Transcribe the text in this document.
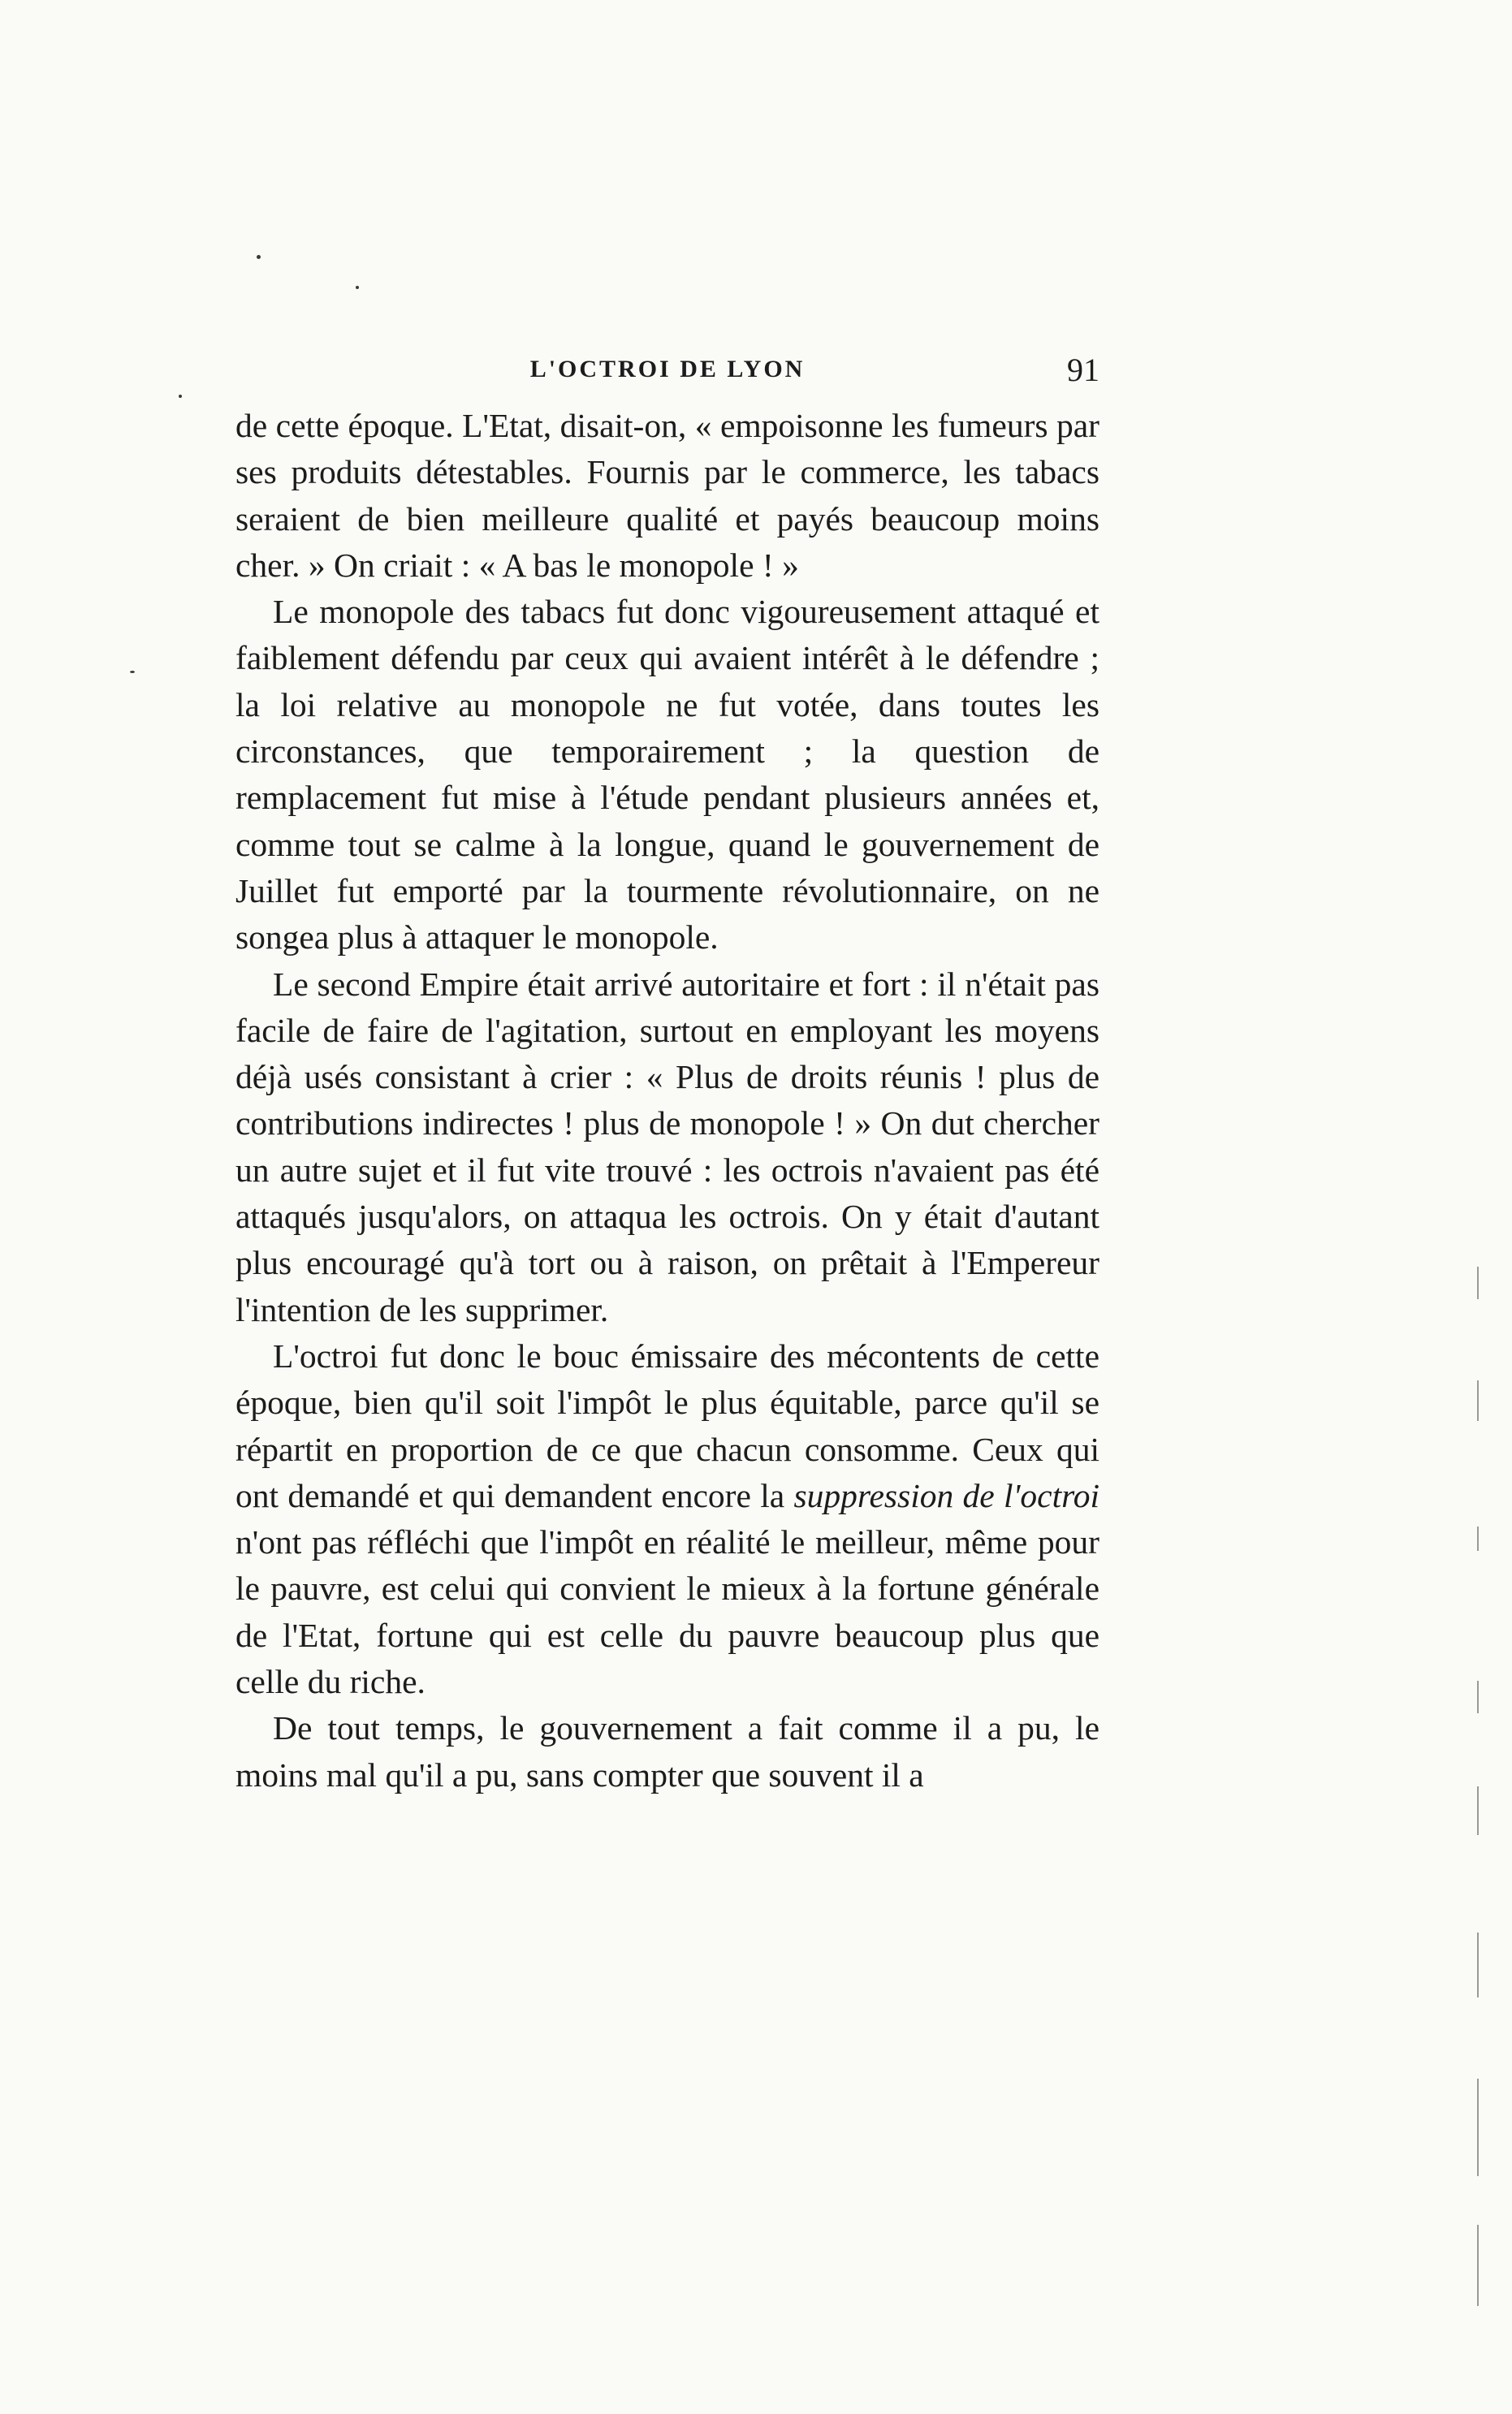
L'OCTROI DE LYON	91

de cette époque. L'Etat, disait-on, « empoisonne les fumeurs par ses produits détestables. Fournis par le commerce, les tabacs seraient de bien meilleure qualité et payés beaucoup moins cher. » On criait : « A bas le monopole ! »

Le monopole des tabacs fut donc vigoureusement attaqué et faiblement défendu par ceux qui avaient intérêt à le défendre ; la loi relative au monopole ne fut votée, dans toutes les circonstances, que temporairement ; la question de remplacement fut mise à l'étude pendant plusieurs années et, comme tout se calme à la longue, quand le gouvernement de Juillet fut emporté par la tourmente révolutionnaire, on ne songea plus à attaquer le monopole.

Le second Empire était arrivé autoritaire et fort : il n'était pas facile de faire de l'agitation, surtout en employant les moyens déjà usés consistant à crier : « Plus de droits réunis ! plus de contributions indirectes ! plus de monopole ! » On dut chercher un autre sujet et il fut vite trouvé : les octrois n'avaient pas été attaqués jusqu'alors, on attaqua les octrois. On y était d'autant plus encouragé qu'à tort ou à raison, on prêtait à l'Empereur l'intention de les supprimer.

L'octroi fut donc le bouc émissaire des mécontents de cette époque, bien qu'il soit l'impôt le plus équitable, parce qu'il se répartit en proportion de ce que chacun consomme. Ceux qui ont demandé et qui demandent encore la suppression de l'octroi n'ont pas réfléchi que l'impôt en réalité le meilleur, même pour le pauvre, est celui qui convient le mieux à la fortune générale de l'Etat, fortune qui est celle du pauvre beaucoup plus que celle du riche.

De tout temps, le gouvernement a fait comme il a pu, le moins mal qu'il a pu, sans compter que souvent il a
